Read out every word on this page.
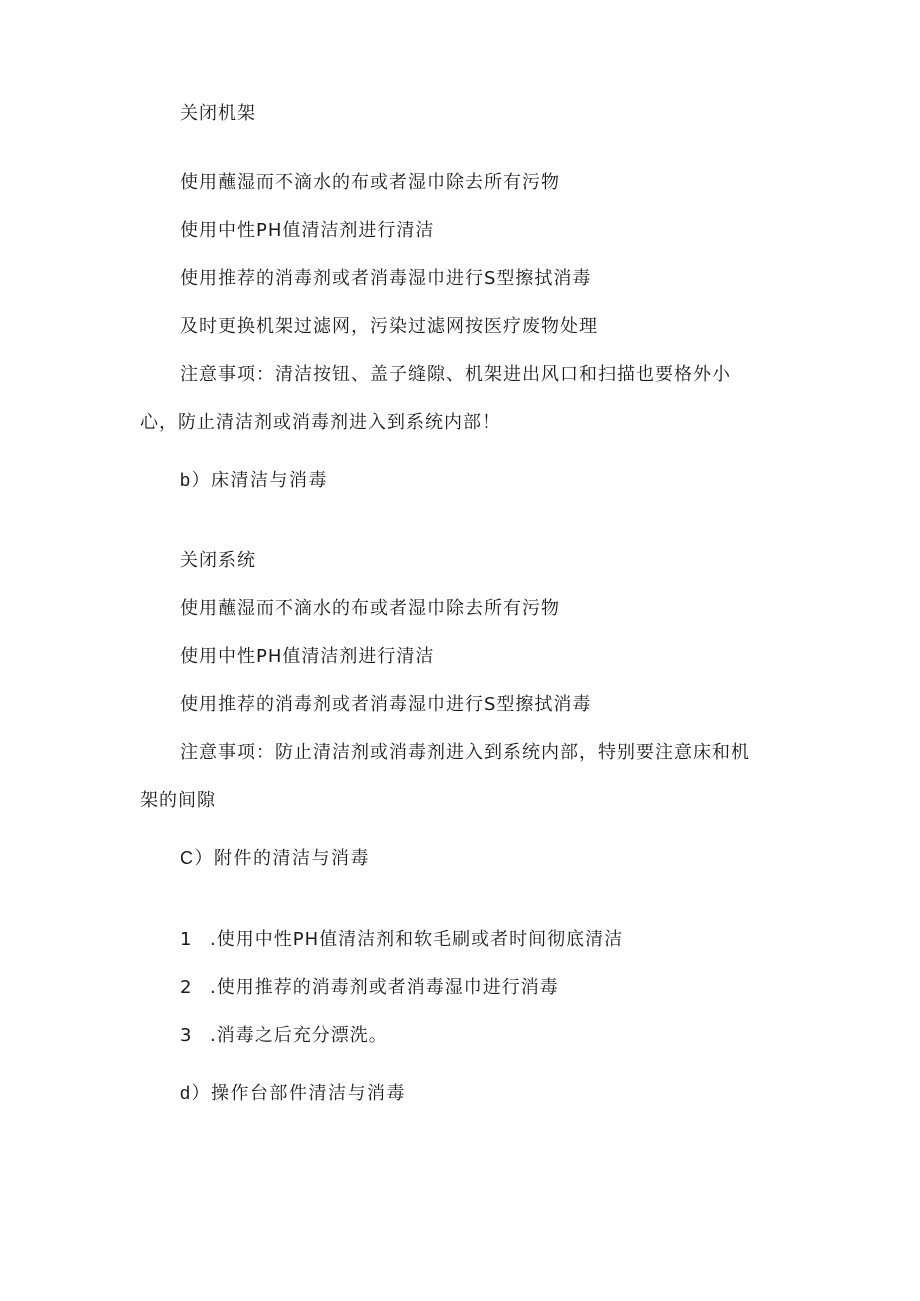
关闭机架
使用蘸湿而不滴水的布或者湿巾除去所有污物
使用中性PH值清洁剂进行清洁
使用推荐的消毒剂或者消毒湿巾进行S型擦拭消毒
及时更换机架过滤网，污染过滤网按医疗废物处理
注意事项：清洁按钮、盖子缝隙、机架进出风口和扫描也要格外小
心，防止清洁剂或消毒剂进入到系统内部！
b）床清洁与消毒
关闭系统
使用蘸湿而不滴水的布或者湿巾除去所有污物
使用中性PH值清洁剂进行清洁
使用推荐的消毒剂或者消毒湿巾进行S型擦拭消毒
注意事项：防止清洁剂或消毒剂进入到系统内部，特别要注意床和机
架的间隙
C）附件的清洁与消毒
1 .使用中性PH值清洁剂和软毛刷或者时间彻底清洁
2 .使用推荐的消毒剂或者消毒湿巾进行消毒
3 .消毒之后充分漂洗。
d）操作台部件清洁与消毒
